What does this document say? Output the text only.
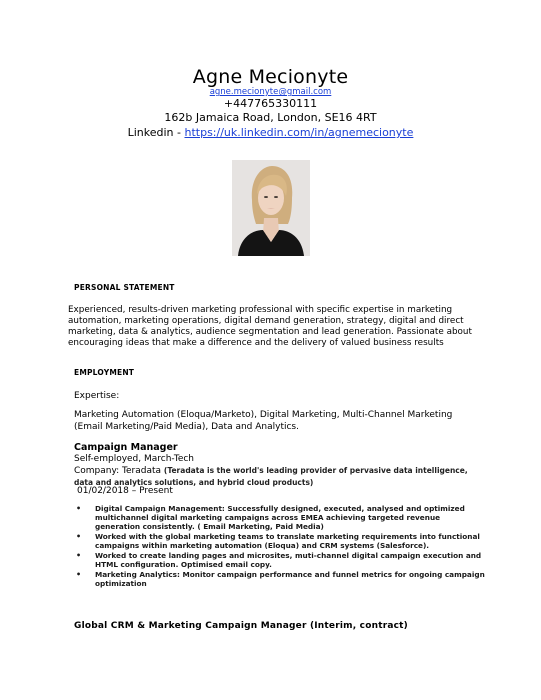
Agne Mecionyte
agne.mecionyte@gmail.com
+447765330111
162b Jamaica Road, London, SE16 4RT
Linkedin - https://uk.linkedin.com/in/agnemecionyte
PERSONAL STATEMENT
Experienced, results-driven marketing professional with specific expertise in marketing automation, marketing operations, digital demand generation, strategy, digital and direct marketing, data & analytics, audience segmentation and lead generation. Passionate about encouraging ideas that make a difference and the delivery of valued business results
EMPLOYMENT
Expertise:
Marketing Automation (Eloqua/Marketo), Digital Marketing, Multi-Channel Marketing (Email Marketing/Paid Media), Data and Analytics.
Campaign Manager
Self-employed, March-Tech
Company: Teradata (Teradata is the world's leading provider of pervasive data intelligence, data and analytics solutions, and hybrid cloud products)
01/02/2018 – Present
• Digital Campaign Management: Successfully designed, executed, analysed and optimized multichannel digital marketing campaigns across EMEA achieving targeted revenue generation consistently. ( Email Marketing, Paid Media)
• Worked with the global marketing teams to translate marketing requirements into functional campaigns within marketing automation (Eloqua) and CRM systems (Salesforce).
• Worked to create landing pages and microsites, muti-channel digital campaign execution and HTML configuration. Optimised email copy.
• Marketing Analytics: Monitor campaign performance and funnel metrics for ongoing campaign optimization
Global CRM & Marketing Campaign Manager (Interim, contract)
